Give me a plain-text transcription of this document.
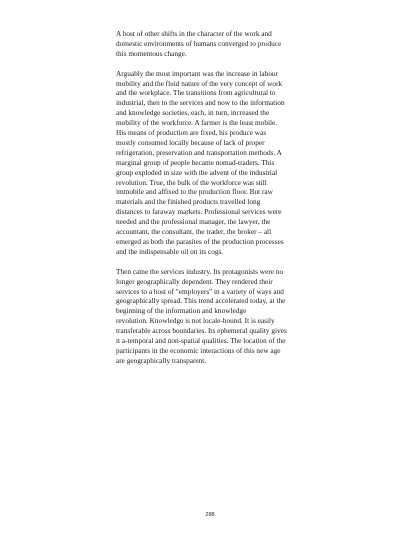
A host of other shifts in the character of the work and
domestic environments of humans converged to produce
this momentous change.

Arguably the most important was the increase in labour
mobility and the fluid nature of the very concept of work
and the workplace. The transitions from agricultural to
industrial, then to the services and now to the information
and knowledge societies, each, in turn, increased the
mobility of the workforce. A farmer is the least mobile.
His means of production are fixed, his produce was
mostly consumed locally because of lack of proper
refrigeration, preservation and transportation methods. A
marginal group of people became nomad-traders. This
group exploded in size with the advent of the industrial
revolution. True, the bulk of the workforce was still
immobile and affixed to the production floor. But raw
materials and the finished products travelled long
distances to faraway markets. Professional services were
needed and the professional manager, the lawyer, the
accountant, the consultant, the trader, the broker – all
emerged as both the parasites of the production processes
and the indispensable oil on its cogs.

Then came the services industry. Its protagonists were no
longer geographically dependent. They rendered their
services to a host of "employers" in a variety of ways and
geographically spread. This trend accelerated today, at the
beginning of the information and knowledge
revolution. Knowledge is not locale-bound. It is easily
transferable across boundaries. Its ephemeral quality gives
it a-temporal and non-spatial qualities. The location of the
participants in the economic interactions of this new age
are geographically transparent.

288
